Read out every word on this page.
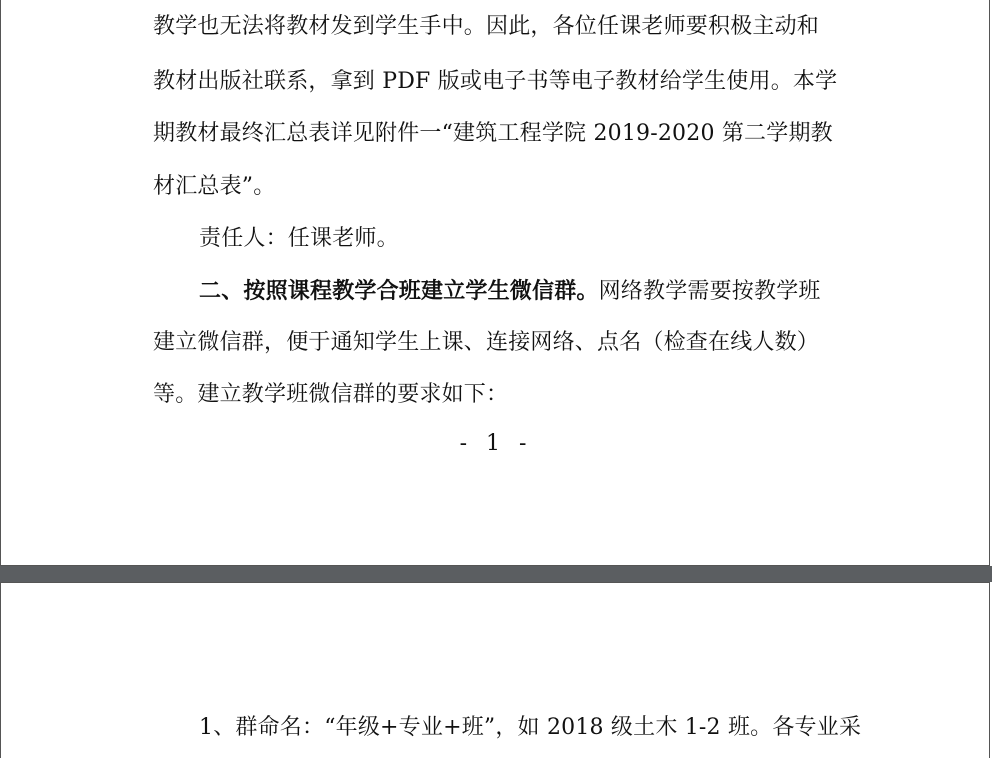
教学也无法将教材发到学生手中。因此，各位任课老师要积极主动和

教材出版社联系，拿到 PDF 版或电子书等电子教材给学生使用。本学

期教材最终汇总表详见附件一“建筑工程学院 2019-2020 第二学期教

材汇总表”。

责任人：任课老师。

二、按照课程教学合班建立学生微信群。网络教学需要按教学班

建立微信群，便于通知学生上课、连接网络、点名（检查在线人数）

等。建立教学班微信群的要求如下：

- 1 -

1、群命名：“年级+专业+班”，如 2018 级土木 1-2 班。各专业采
